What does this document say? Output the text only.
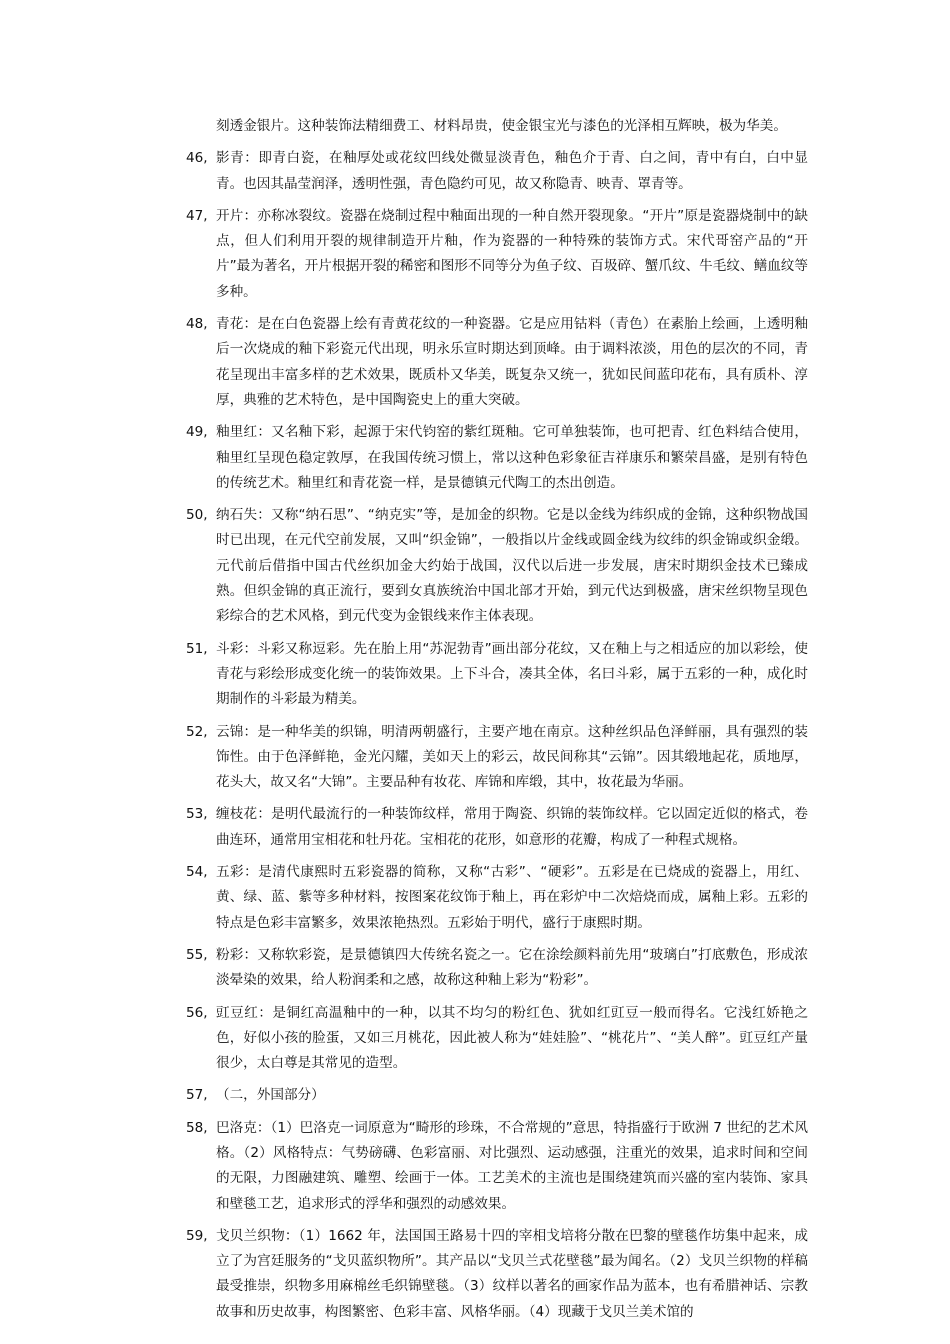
刻透金银片。这种装饰法精细费工、材料昂贵，使金银宝光与漆色的光泽相互辉映，极为华美。
46, 影青：即青白瓷，在釉厚处或花纹凹线处微显淡青色，釉色介于青、白之间，青中有白，白中显青。也因其晶莹润泽，透明性强，青色隐约可见，故又称隐青、映青、罩青等。
47, 开片：亦称冰裂纹。瓷器在烧制过程中釉面出现的一种自然开裂现象。“开片”原是瓷器烧制中的缺点，但人们利用开裂的规律制造开片釉，作为瓷器的一种特殊的装饰方式。宋代哥窑产品的“开片”最为著名，开片根据开裂的稀密和图形不同等分为鱼子纹、百圾碎、蟹爪纹、牛毛纹、鳝血纹等多种。
48, 青花：是在白色瓷器上绘有青黄花纹的一种瓷器。它是应用钴料（青色）在素胎上绘画，上透明釉后一次烧成的釉下彩瓷元代出现，明永乐宣时期达到顶峰。由于调料浓淡，用色的层次的不同，青花呈现出丰富多样的艺术效果，既质朴又华美，既复杂又统一，犹如民间蓝印花布，具有质朴、淳厚，典雅的艺术特色，是中国陶瓷史上的重大突破。
49, 釉里红：又名釉下彩，起源于宋代钧窑的紫红斑釉。它可单独装饰，也可把青、红色料结合使用，釉里红呈现色稳定敦厚，在我国传统习惯上，常以这种色彩象征吉祥康乐和繁荣昌盛，是别有特色的传统艺术。釉里红和青花瓷一样，是景德镇元代陶工的杰出创造。
50, 纳石失：又称“纳石思”、“纳克实”等，是加金的织物。它是以金线为纬织成的金锦，这种织物战国时已出现，在元代空前发展，又叫“织金锦”，一般指以片金线或圆金线为纹纬的织金锦或织金缎。元代前后借指中国古代丝织加金大约始于战国，汉代以后进一步发展，唐宋时期织金技术已臻成熟。但织金锦的真正流行，要到女真族统治中国北部才开始，到元代达到极盛，唐宋丝织物呈现色彩综合的艺术风格，到元代变为金银线来作主体表现。
51, 斗彩：斗彩又称逗彩。先在胎上用“苏泥勃青”画出部分花纹，又在釉上与之相适应的加以彩绘，使青花与彩绘形成变化统一的装饰效果。上下斗合，凑其全体，名曰斗彩，属于五彩的一种，成化时期制作的斗彩最为精美。
52, 云锦：是一种华美的织锦，明清两朝盛行，主要产地在南京。这种丝织品色泽鲜丽，具有强烈的装饰性。由于色泽鲜艳，金光闪耀，美如天上的彩云，故民间称其“云锦”。因其缎地起花，质地厚，花头大，故又名“大锦”。主要品种有妆花、库锦和库缎，其中，妆花最为华丽。
53, 缠枝花：是明代最流行的一种装饰纹样，常用于陶瓷、织锦的装饰纹样。它以固定近似的格式，卷曲连环，通常用宝相花和牡丹花。宝相花的花形，如意形的花瓣，构成了一种程式规格。
54, 五彩：是清代康熙时五彩瓷器的简称，又称“古彩”、“硬彩”。五彩是在已烧成的瓷器上，用红、黄、绿、蓝、紫等多种材料，按图案花纹饰于釉上，再在彩炉中二次焙烧而成，属釉上彩。五彩的特点是色彩丰富繁多，效果浓艳热烈。五彩始于明代，盛行于康熙时期。
55, 粉彩：又称软彩瓷，是景德镇四大传统名瓷之一。它在涂绘颜料前先用“玻璃白”打底敷色，形成浓淡晕染的效果，给人粉润柔和之感，故称这种釉上彩为“粉彩”。
56, 豇豆红：是铜红高温釉中的一种，以其不均匀的粉红色、犹如红豇豆一般而得名。它浅红娇艳之色，好似小孩的脸蛋，又如三月桃花，因此被人称为“娃娃脸”、“桃花片”、“美人醉”。豇豆红产量很少，太白尊是其常见的造型。
57, （二，外国部分）
58, 巴洛克：（1）巴洛克一词原意为“畸形的珍珠，不合常规的”意思，特指盛行于欧洲 7 世纪的艺术风格。（2）风格特点：气势磅礴、色彩富丽、对比强烈、运动感强，注重光的效果，追求时间和空间的无限，力图融建筑、雕塑、绘画于一体。工艺美术的主流也是围绕建筑而兴盛的室内装饰、家具和壁毯工艺，追求形式的浮华和强烈的动感效果。
59, 戈贝兰织物：（1）1662 年，法国国王路易十四的宰相戈培将分散在巴黎的壁毯作坊集中起来，成立了为宫廷服务的“戈贝蓝织物所”。其产品以“戈贝兰式花壁毯”最为闻名。（2）戈贝兰织物的样稿最受推崇，织物多用麻棉丝毛织锦壁毯。（3）纹样以著名的画家作品为蓝本，也有希腊神话、宗教故事和历史故事，构图繁密、色彩丰富、风格华丽。（4）现藏于戈贝兰美术馆的
